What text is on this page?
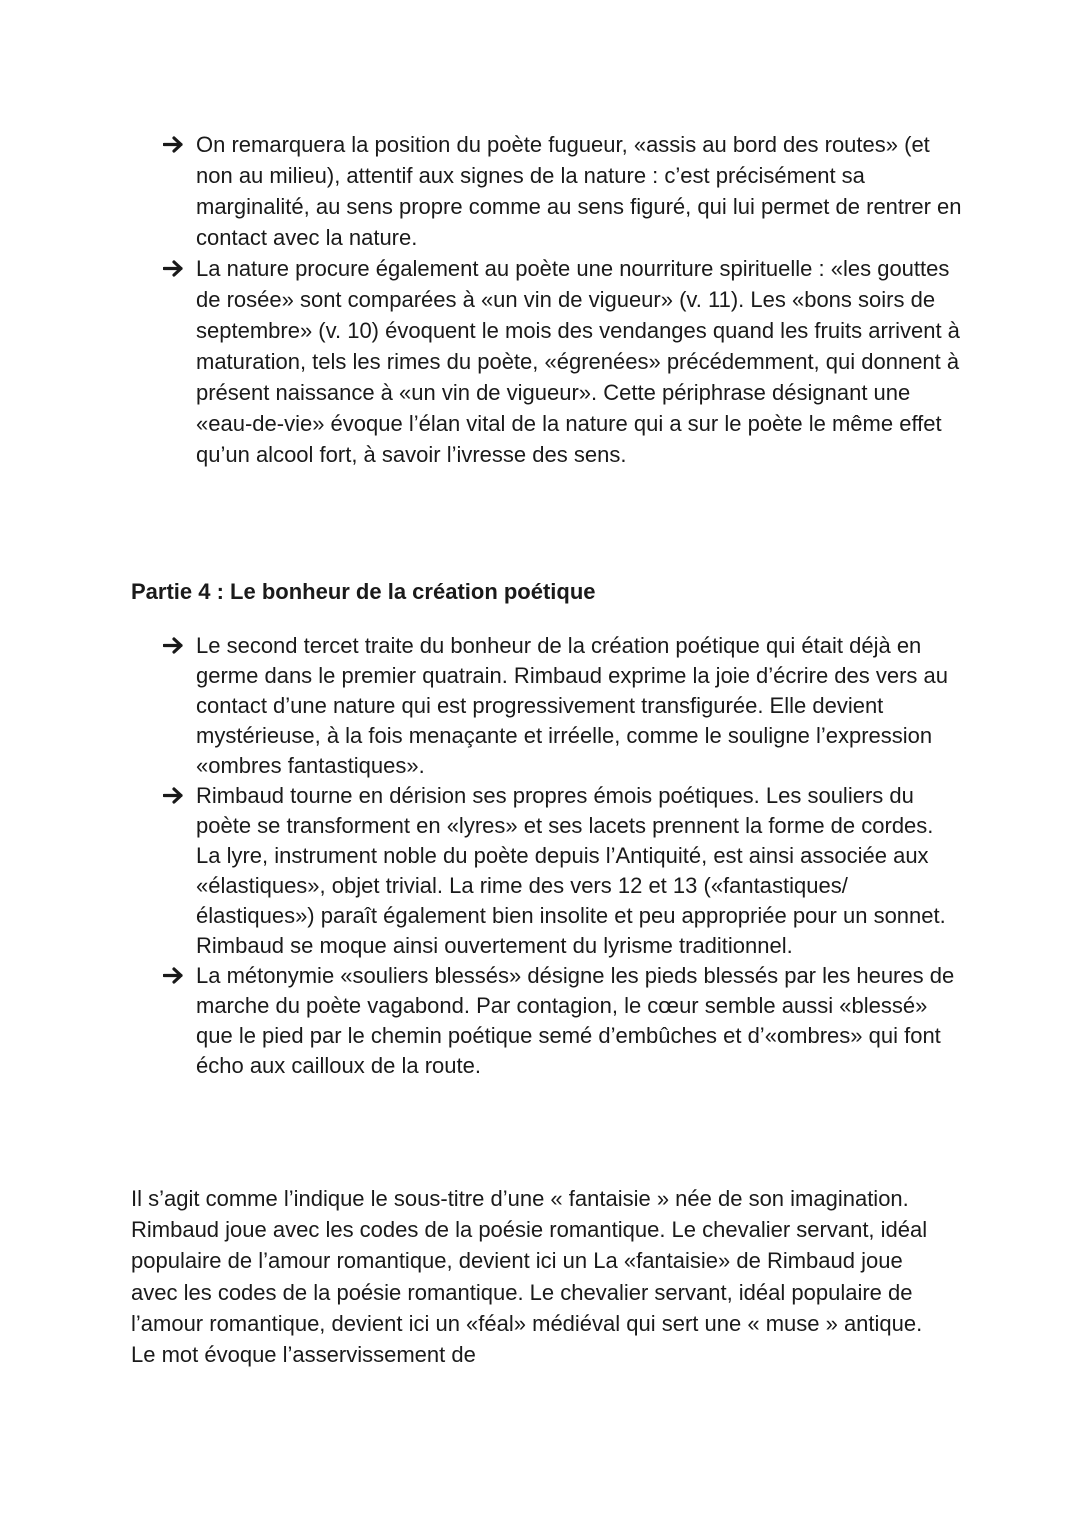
On remarquera la position du poète fugueur, «assis au bord des routes» (et non au milieu), attentif aux signes de la nature : c’est précisément sa marginalité, au sens propre comme au sens figuré, qui lui permet de rentrer en contact avec la nature.
La nature procure également au poète une nourriture spirituelle : «les gouttes de rosée» sont comparées à «un vin de vigueur» (v. 11). Les «bons soirs de septembre» (v. 10) évoquent le mois des vendanges quand les fruits arrivent à maturation, tels les rimes du poète, «égrenées» précédemment, qui donnent à présent naissance à «un vin de vigueur». Cette périphrase désignant une «eau-de-vie» évoque l’élan vital de la nature qui a sur le poète le même effet qu’un alcool fort, à savoir l’ivresse des sens.
Partie 4 : Le bonheur de la création poétique
Le second tercet traite du bonheur de la création poétique qui était déjà en germe dans le premier quatrain. Rimbaud exprime la joie d’écrire des vers au contact d’une nature qui est progressivement transfigurée. Elle devient mystérieuse, à la fois menaçante et irréelle, comme le souligne l’expression «ombres fantastiques».
Rimbaud tourne en dérision ses propres émois poétiques. Les souliers du poète se transforment en «lyres» et ses lacets prennent la forme de cordes. La lyre, instrument noble du poète depuis l’Antiquité, est ainsi associée aux «élastiques», objet trivial. La rime des vers 12 et 13 («fantastiques/élastiques») paraît également bien insolite et peu appropriée pour un sonnet. Rimbaud se moque ainsi ouvertement du lyrisme traditionnel.
La métonymie «souliers blessés» désigne les pieds blessés par les heures de marche du poète vagabond. Par contagion, le cœur semble aussi «blessé» que le pied par le chemin poétique semé d’embûches et d’«ombres» qui font écho aux cailloux de la route.

Il s’agit comme l’indique le sous-titre d’une « fantaisie » née de son imagination. Rimbaud joue avec les codes de la poésie romantique. Le chevalier servant, idéal populaire de l’amour romantique, devient ici un La «fantaisie» de Rimbaud joue avec les codes de la poésie romantique. Le chevalier servant, idéal populaire de l’amour romantique, devient ici un «féal» médiéval qui sert une « muse » antique. Le mot évoque l’asservissement de
